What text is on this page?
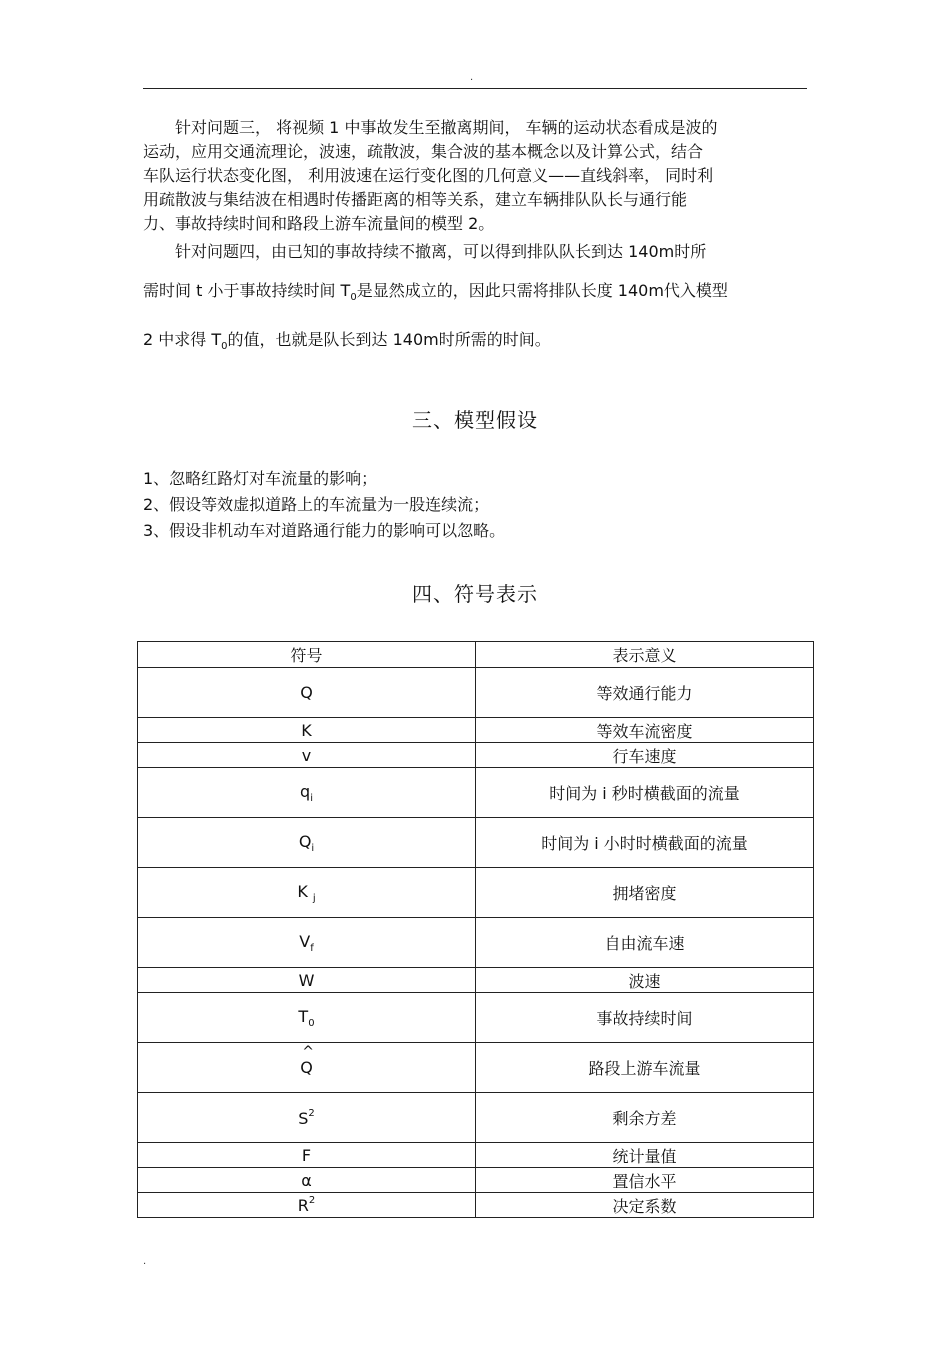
.
针对问题三， 将视频 1 中事故发生至撤离期间， 车辆的运动状态看成是波的
运动，应用交通流理论，波速，疏散波，集合波的基本概念以及计算公式，结合
车队运行状态变化图， 利用波速在运行变化图的几何意义——直线斜率， 同时利
用疏散波与集结波在相遇时传播距离的相等关系，建立车辆排队队长与通行能
力、事故持续时间和路段上游车流量间的模型 2。
针对问题四，由已知的事故持续不撤离，可以得到排队队长到达 140m时所
需时间 t 小于事故持续时间 $T_0$是显然成立的，因此只需将排队长度 140m代入模型
2 中求得 $T_0$的值，也就是队长到达 140m时所需的时间。
三、模型假设
1、忽略红路灯对车流量的影响；
2、假设等效虚拟道路上的车流量为一股连续流；
3、假设非机动车对道路通行能力的影响可以忽略。
四、符号表示
符号	表示意义
Q	等效通行能力
K	等效车流密度
v	行车速度
$q_i$	时间为 i 秒时横截面的流量
$Q_i$	时间为 i 小时时横截面的流量
K $_j$	拥堵密度
$V_f$	自由流车速
W	波速
$T_0$	事故持续时间
^ Q	路段上游车流量
$S^2$	剩余方差
F	统计量值
α	置信水平
$R^2$	决定系数
.
